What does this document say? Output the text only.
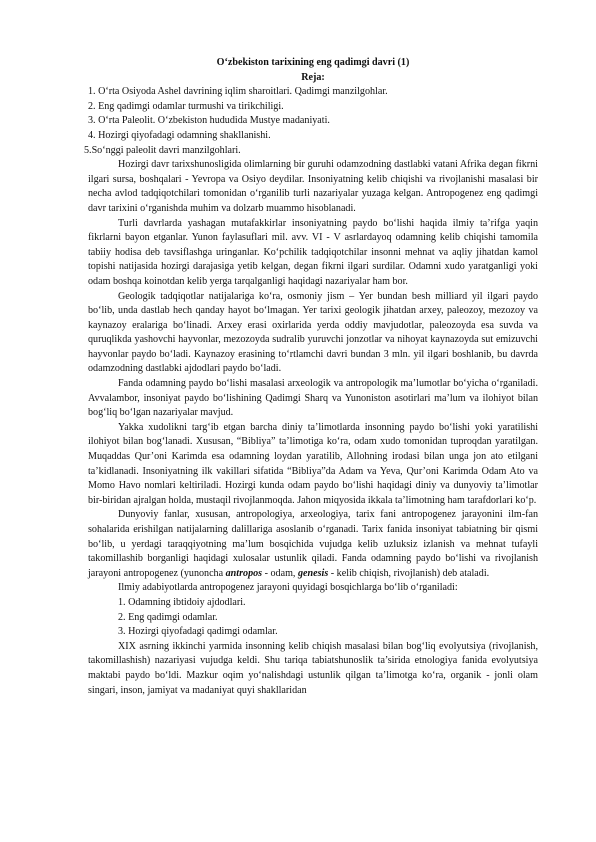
O‘zbekiston tarixining eng qadimgi davri (1)

Reja:

1. O‘rta Osiyoda Ashel davrining iqlim sharoitlari. Qadimgi manzilgohlar.
2. Eng qadimgi odamlar turmushi va tirikchiligi.
3. O‘rta Paleolit. O‘zbekiston hududida Mustye madaniyati.
4. Hozirgi qiyofadagi odamning shakllanishi.
5.So‘nggi paleolit davri manzilgohlari.

Hozirgi davr tarixshunosligida olimlarning bir guruhi odamzodning dastlabki vatani Afrika degan fikrni ilgari sursa, boshqalari - Yevropa va Osiyo deydilar. Insoniyatning kelib chiqishi va rivojlanishi masalasi bir necha avlod tadqiqotchilari tomonidan o‘rganilib turli nazariyalar yuzaga kelgan. Antropogenez eng qadimgi davr tarixini o‘rganishda muhim va dolzarb muammo hisoblanadi.

Turli davrlarda yashagan mutafakkirlar insoniyatning paydo bo‘lishi haqida ilmiy ta’rifga yaqin fikrlarni bayon etganlar. Yunon faylasuflari mil. avv. VI - V asrlardayoq odamning kelib chiqishi tamomila tabiiy hodisa deb tavsiflashga uringanlar. Ko‘pchilik tadqiqotchilar insonni mehnat va aqliy jihatdan kamol topishi natijasida hozirgi darajasiga yetib kelgan, degan fikrni ilgari surdilar. Odamni xudo yaratganligi yoki odam boshqa koinotdan kelib yerga tarqalganligi haqidagi nazariyalar ham bor.

Geologik tadqiqotlar natijalariga ko‘ra, osmoniy jism – Yer bundan besh milliard yil ilgari paydo bo‘lib, unda dastlab hech qanday hayot bo‘lmagan. Yer tarixi geologik jihatdan arxey, paleozoy, mezozoy va kaynazoy eralariga bo‘linadi. Arxey erasi oxirlarida yerda oddiy mavjudotlar, paleozoyda esa suvda va quruqlikda yashovchi hayvonlar, mezozoyda sudralib yuruvchi jonzotlar va nihoyat kaynazoyda sut emizuvchi hayvonlar paydo bo‘ladi. Kaynazoy erasining to‘rtlamchi davri bundan 3 mln. yil ilgari boshlanib, bu davrda odamzodning dastlabki ajdodlari paydo bo‘ladi.

Fanda odamning paydo bo‘lishi masalasi arxeologik va antropologik ma’lumotlar bo‘yicha o‘rganiladi. Avvalambor, insoniyat paydo bo‘lishining Qadimgi Sharq va Yunoniston asotirlari ma’lum va ilohiyot bilan bog‘liq bo‘lgan nazariyalar mavjud.

Yakka xudolikni targ‘ib etgan barcha diniy ta’limotlarda insonning paydo bo‘lishi yoki yaratilishi ilohiyot bilan bog‘lanadi. Xususan, “Bibliya” ta’limotiga ko‘ra, odam xudo tomonidan tuproqdan yaratilgan. Muqaddas Qur’oni Karimda esa odamning loydan yaratilib, Allohning irodasi bilan unga jon ato etilgani ta’kidlanadi. Insoniyatning ilk vakillari sifatida “Bibliya”da Adam va Yeva, Qur’oni Karimda Odam Ato va Momo Havo nomlari keltiriladi. Hozirgi kunda odam paydo bo‘lishi haqidagi diniy va dunyoviy ta’limotlar bir-biridan ajralgan holda, mustaqil rivojlanmoqda. Jahon miqyosida ikkala ta’limotning ham tarafdorlari ko‘p.

Dunyoviy fanlar, xususan, antropologiya, arxeologiya, tarix fani antropogenez jarayonini ilm-fan sohalarida erishilgan natijalarning dalillariga asoslanib o‘rganadi. Tarix fanida insoniyat tabiatning bir qismi bo‘lib, u yerdagi taraqqiyotning ma’lum bosqichida vujudga kelib uzluksiz izlanish va mehnat tufayli takomillashib borganligi haqidagi xulosalar ustunlik qiladi. Fanda odamning paydo bo‘lishi va rivojlanish jarayoni antropogenez (yunoncha antropos - odam, genesis - kelib chiqish, rivojlanish) deb ataladi.

Ilmiy adabiyotlarda antropogenez jarayoni quyidagi bosqichlarga bo‘lib o‘rganiladi:

1. Odamning ibtidoiy ajdodlari.
2. Eng qadimgi odamlar.
3. Hozirgi qiyofadagi qadimgi odamlar.

XIX asrning ikkinchi yarmida insonning kelib chiqish masalasi bilan bog‘liq evolyutsiya (rivojlanish, takomillashish) nazariyasi vujudga keldi. Shu tariqa tabiatshunoslik ta’sirida etnologiya fanida evolyutsiya maktabi paydo bo‘ldi. Mazkur oqim yo‘nalishdagi ustunlik qilgan ta’limotga ko‘ra, organik - jonli olam singari, inson, jamiyat va madaniyat quyi shakllaridan
